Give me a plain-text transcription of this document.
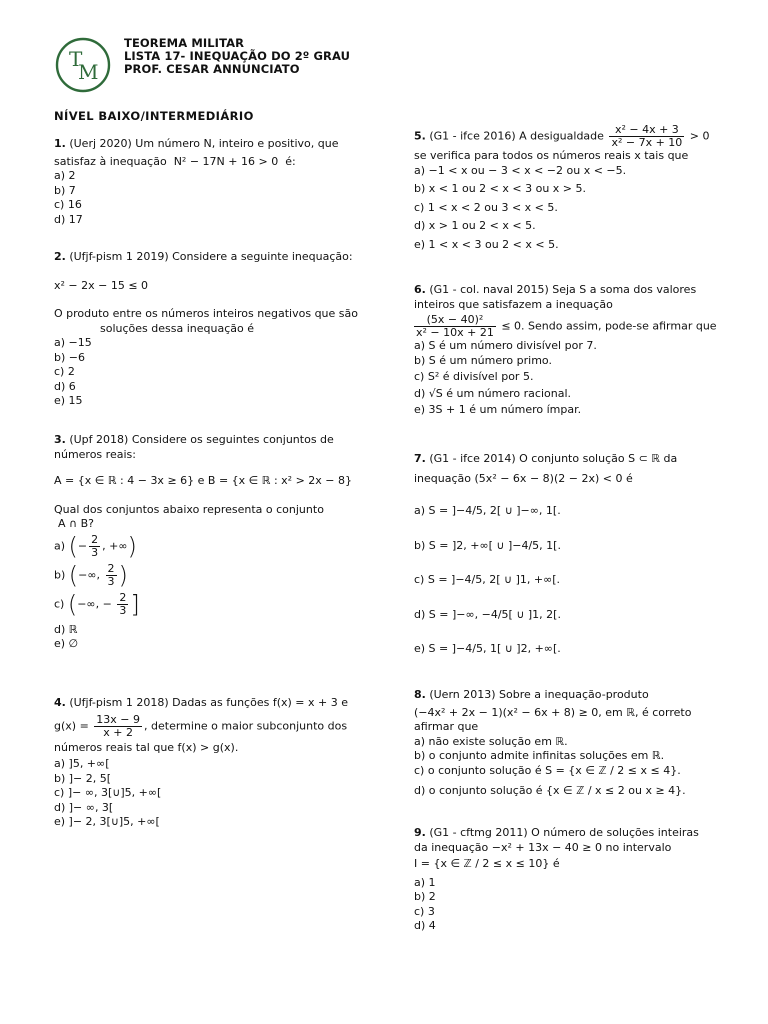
T
M
TEOREMA MILITAR
LISTA 17- INEQUAÇÃO DO 2º GRAU
PROF. CESAR ANNUNCIATO
NÍVEL BAIXO/INTERMEDIÁRIO

1. (Uerj 2020) Um número N, inteiro e positivo, que

satisfaz à inequação N² − 17N + 16 > 0 é:

a) 2

b) 7

c) 16

d) 17

2. (Ufjf-pism 1 2019) Considere a seguinte inequação:

x² − 2x − 15 ≤ 0

O produto entre os números inteiros negativos que são

soluções dessa inequação é

a) −15

b) −6

c) 2

d) 6

e) 15

3. (Upf 2018) Considere os seguintes conjuntos de

números reais:

A = {x ∈ ℝ : 4 − 3x ≥ 6} e B = {x ∈ ℝ : x² > 2x − 8}

Qual dos conjuntos abaixo representa o conjunto

A ∩ B?

a) (− $\frac{2}{3}$ , +∞)

b) (−∞, $\frac{2}{3}$ )

c) (−∞, − $\frac{2}{3}$ ]

d) ℝ

e) ∅

4. (Ufjf-pism 1 2018) Dadas as funções f(x) = x + 3 e

$g(x) = \frac{13x - 9}{x + 2}$ , determine o maior subconjunto dos

números reais tal que f(x) > g(x).

a) ]5, +∞[

b) ]− 2, 5[

c) ]− ∞, 3[∪]5, +∞[

d) ]− ∞, 3[

e) ]− 2, 3[∪]5, +∞[

5. (G1 - ifce 2016) A desigualdade $\frac{\text{x² − 4x + 3}}{\text{x² − 7x + 10}} > 0$

se verifica para todos os números reais x tais que

a) −1 < x ou − 3 < x < −2 ou x < −5.

b) x < 1 ou 2 < x < 3 ou x > 5.

c) 1 < x < 2 ou 3 < x < 5.

d) x > 1 ou 2 < x < 5.

e) 1 < x < 3 ou 2 < x < 5.

6. (G1 - col. naval 2015) Seja S a soma dos valores

inteiros que satisfazem a inequação

$\frac{\text{(5x − 40)²}}{\text{x² − 10x + 21}} \le 0$. Sendo assim, pode-se afirmar que

a) S é um número divisível por 7.

b) S é um número primo.

c) S² é divisível por 5.

d) √S é um número racional.

e) 3S + 1 é um número ímpar.

7. (G1 - ifce 2014) O conjunto solução S ⊂ ℝ da

inequação (5x² − 6x − 8)(2 − 2x) < 0 é

a) S = ]−4/5, 2[ ∪ ]−∞, 1[.

b) S = ]2, +∞[ ∪ ]−4/5, 1[.

c) S = ]−4/5, 2[ ∪ ]1, +∞[.

d) S = ]−∞, −4/5[ ∪ ]1, 2[.

e) S = ]−4/5, 1[ ∪ ]2, +∞[.

8. (Uern 2013) Sobre a inequação-produto

(−4x² + 2x − 1)(x² − 6x + 8) ≥ 0, em ℝ, é correto

afirmar que

a) não existe solução em ℝ.

b) o conjunto admite infinitas soluções em ℝ.

c) o conjunto solução é S = {x ∈ ℤ / 2 ≤ x ≤ 4}.

d) o conjunto solução é {x ∈ ℤ / x ≤ 2 ou x ≥ 4}.

9. (G1 - cftmg 2011) O número de soluções inteiras

da inequação −x² + 13x − 40 ≥ 0 no intervalo

I = {x ∈ ℤ / 2 ≤ x ≤ 10} é

a) 1

b) 2

c) 3

d) 4
